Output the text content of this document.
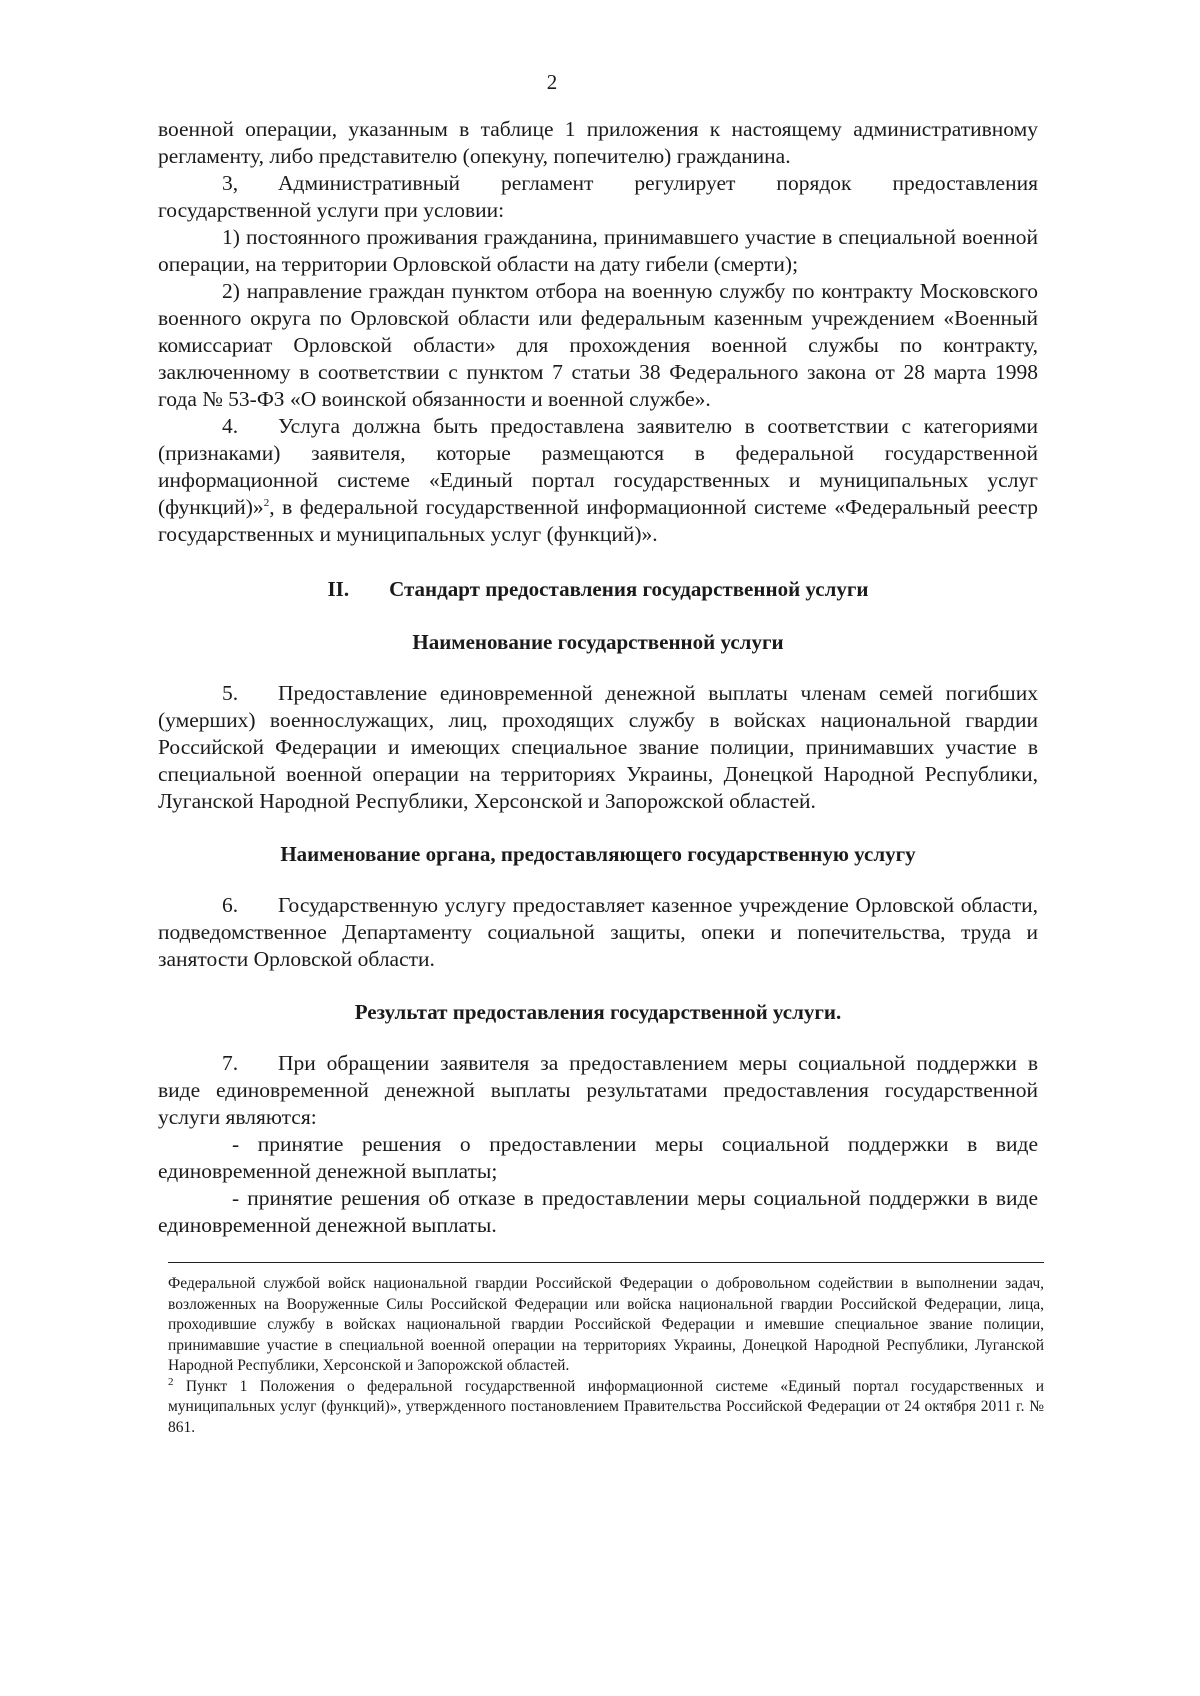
2

военной операции, указанным в таблице 1 приложения к настоящему административному регламенту, либо представителю (опекуну, попечителю) гражданина.

3, Административный регламент регулирует порядок предоставления государственной услуги при условии:

1) постоянного проживания гражданина, принимавшего участие в специальной военной операции, на территории Орловской области на дату гибели (смерти);

2) направление граждан пунктом отбора на военную службу по контракту Московского военного округа по Орловской области или федеральным казенным учреждением «Военный комиссариат Орловской области» для прохождения военной службы по контракту, заключенному в соответствии с пунктом 7 статьи 38 Федерального закона от 28 марта 1998 года № 53-ФЗ «О воинской обязанности и военной службе».

4. Услуга должна быть предоставлена заявителю в соответствии с категориями (признаками) заявителя, которые размещаются в федеральной государственной информационной системе «Единый портал государственных и муниципальных услуг (функций)»$^2$, в федеральной государственной информационной системе «Федеральный реестр государственных и муниципальных услуг (функций)».

II. Стандарт предоставления государственной услуги
Наименование государственной услуги

5. Предоставление единовременной денежной выплаты членам семей погибших (умерших) военнослужащих, лиц, проходящих службу в войсках национальной гвардии Российской Федерации и имеющих специальное звание полиции, принимавших участие в специальной военной операции на территориях Украины, Донецкой Народной Республики, Луганской Народной Республики, Херсонской и Запорожской областей.

Наименование органа, предоставляющего государственную услугу

6. Государственную услугу предоставляет казенное учреждение Орловской области, подведомственное Департаменту социальной защиты, опеки и попечительства, труда и занятости Орловской области.

Результат предоставления государственной услуги.

7. При обращении заявителя за предоставлением меры социальной поддержки в виде единовременной денежной выплаты результатами предоставления государственной услуги являются:

- принятие решения о предоставлении меры социальной поддержки в виде единовременной денежной выплаты;

- принятие решения об отказе в предоставлении меры социальной поддержки в виде единовременной денежной выплаты.

Федеральной службой войск национальной гвардии Российской Федерации о добровольном содействии в выполнении задач, возложенных на Вооруженные Силы Российской Федерации или войска национальной гвардии Российской Федерации, лица, проходившие службу в войсках национальной гвардии Российской Федерации и имевшие специальное звание полиции, принимавшие участие в специальной военной операции на территориях Украины, Донецкой Народной Республики, Луганской Народной Республики, Херсонской и Запорожской областей.

$^2$ Пункт 1 Положения о федеральной государственной информационной системе «Единый портал государственных и муниципальных услуг (функций)», утвержденного постановлением Правительства Российской Федерации от 24 октября 2011 г. № 861.
